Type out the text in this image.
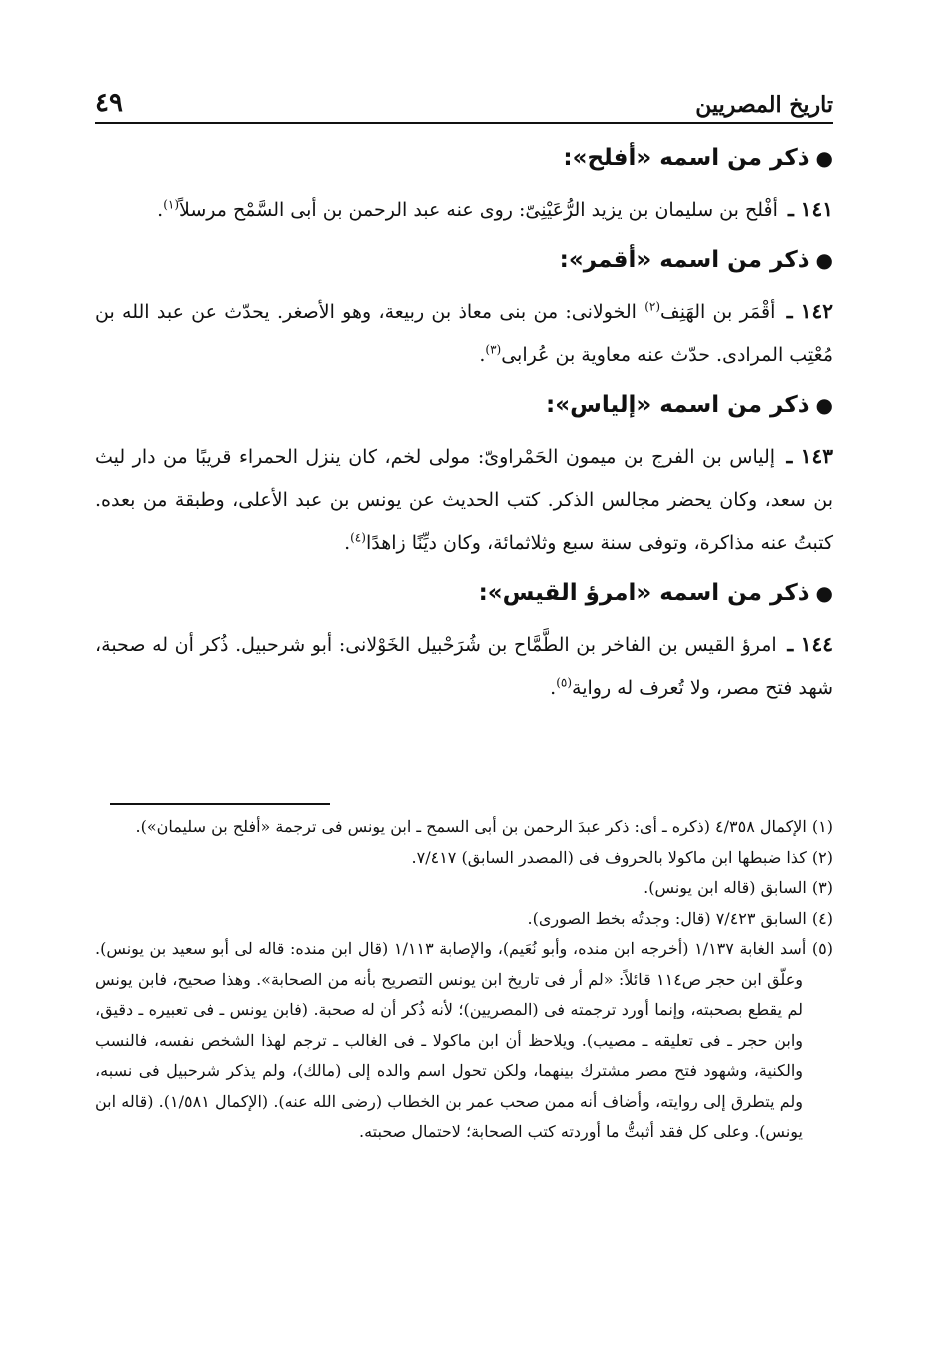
تاريخ المصريين
٤٩
●ذكر من اسمه «أفلح»:

١٤١ ـ أفْلح بن سليمان بن يزيد الرُّعَيْنِىّ: روى عنه عبد الرحمن بن أبى السَّمْح مرسلاً$^{(١)}$.

●ذكر من اسمه «أقمر»:

١٤٢ ـ أقْمَر بن الهَنِف$^{(٢)}$ الخولانى: من بنى معاذ بن ربيعة، وهو الأصغر. يحدّث عن عبد الله بن مُعْتِب المرادى. حدّث عنه معاوية بن عُرابى$^{(٣)}$.

●ذكر من اسمه «إلياس»:

١٤٣ ـ إلياس بن الفرج بن ميمون الحَمْراوىّ: مولى لخم، كان ينزل الحمراء قريبًا من دار ليث بن سعد، وكان يحضر مجالس الذكر. كتب الحديث عن يونس بن عبد الأعلى، وطبقة من بعده. كتبتُ عنه مذاكرة، وتوفى سنة سبع وثلاثمائة، وكان ديِّنًا زاهدًا$^{(٤)}$.

●ذكر من اسمه «امرؤ القيس»:

١٤٤ ـ امرؤ القيس بن الفاخر بن الطَّمَّاح بن شُرَحْبيل الخَوْلانى: أبو شرحبيل. ذُكر أن له صحبة، شهد فتح مصر، ولا تُعرف له رواية$^{(٥)}$.

(١) الإكمال ٤/٣٥٨ (ذكره ـ أى: ذكر عبدَ الرحمن بن أبى السمح ـ ابن يونس فى ترجمة «أفلح بن سليمان»).

(٢) كذا ضبطها ابن ماكولا بالحروف فى (المصدر السابق) ٧/٤١٧.

(٣) السابق (قاله ابن يونس).

(٤) السابق ٧/٤٢٣ (قال: وجدتُه بخط الصورى).

(٥) أسد الغابة ١/١٣٧ (أخرجه ابن منده، وأبو نُعَيم)، والإصابة ١/١١٣ (قال ابن منده: قاله لى أبو سعيد بن يونس). وعلّق ابن حجر ص١١٤ قائلاً: «لم أر فى تاريخ ابن يونس التصريح بأنه من الصحابة». وهذا صحيح، فابن يونس لم يقطع بصحبته، وإنما أورد ترجمته فى (المصريين)؛ لأنه ذُكر أن له صحبة. (فابن يونس ـ فى تعبيره ـ دقيق، وابن حجر ـ فى تعليقه ـ مصيب). ويلاحظ أن ابن ماكولا ـ فى الغالب ـ ترجم لهذا الشخص نفسه، فالنسب والكنية، وشهود فتح مصر مشترك بينهما، ولكن تحول اسم والده إلى (مالك)، ولم يذكر شرحبيل فى نسبه، ولم يتطرق إلى روايته، وأضاف أنه ممن صحب عمر بن الخطاب (رضى الله عنه). (الإكمال ١/٥٨١). (قاله ابن يونس). وعلى كل فقد أثبتُّ ما أوردته كتب الصحابة؛ لاحتمال صحبته.
